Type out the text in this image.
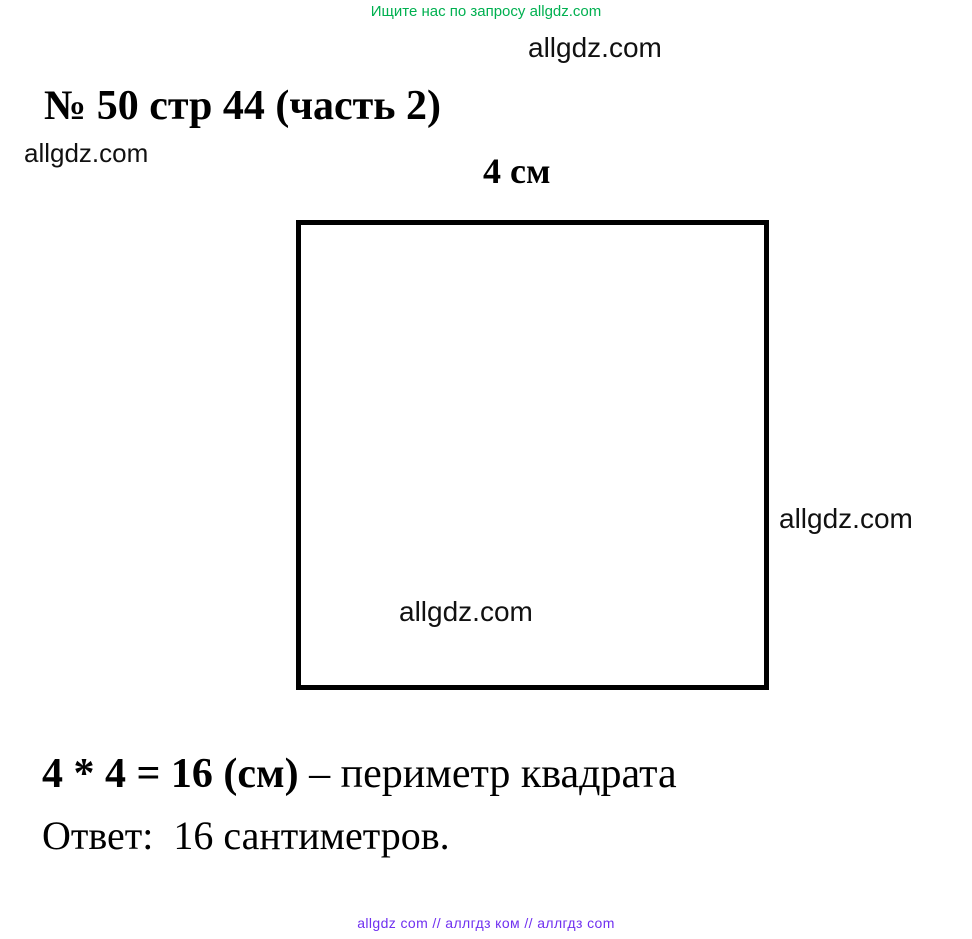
Ищите нас по запросу allgdz.com
allgdz.com
№ 50 стр 44 (часть 2)
allgdz.com	4 см
allgdz.com
allgdz.com
4 * 4 = 16 (см) – периметр квадрата
Ответ: 16 сантиметров.
allgdz com // аллгдз ком // аллгдз com
